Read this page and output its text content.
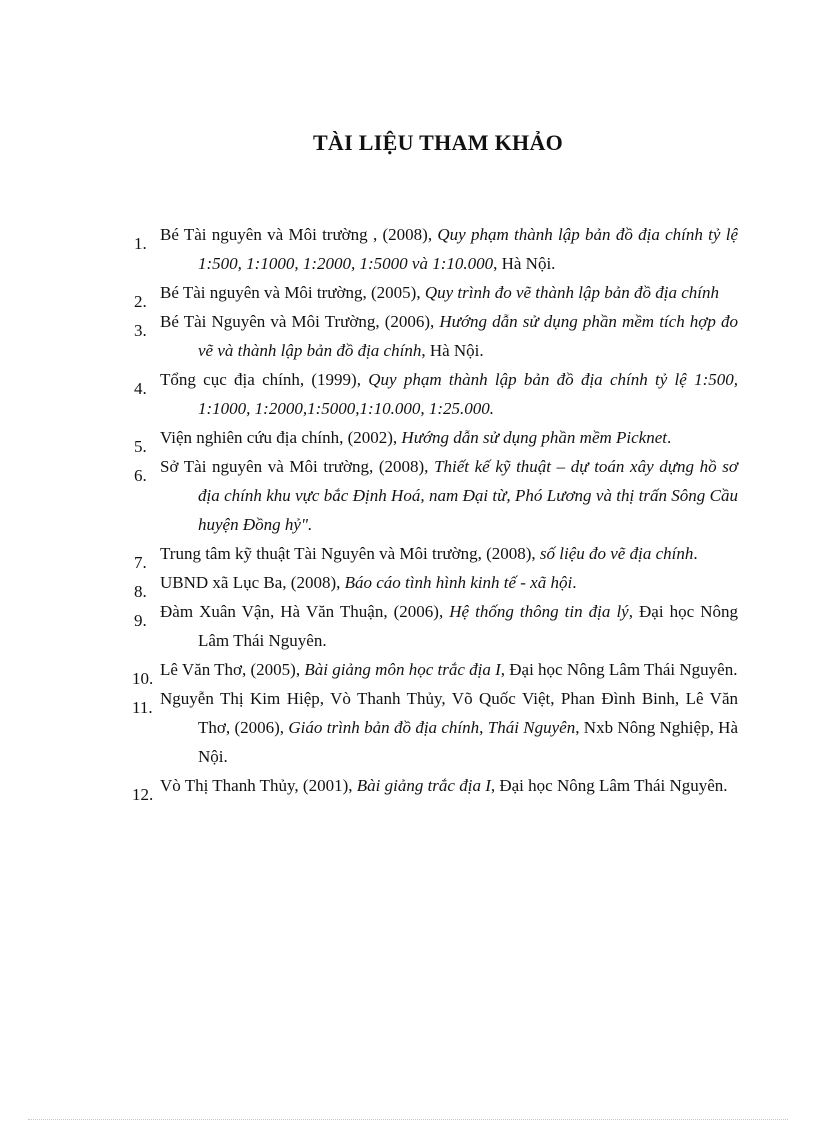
TÀI LIỆU THAM KHẢO
1. Bé Tài nguyên và Môi trường , (2008), Quy phạm thành lập bản đồ địa chính tỷ lệ 1:500, 1:1000, 1:2000, 1:5000 và 1:10.000, Hà Nội.
2. Bé Tài nguyên và Môi trường, (2005), Quy trình đo vẽ thành lập bản đồ địa chính
3. Bé Tài Nguyên và Môi Trường, (2006), Hướng dẫn sử dụng phần mềm tích hợp đo vẽ và thành lập bản đồ địa chính, Hà Nội.
4. Tổng cục địa chính, (1999), Quy phạm thành lập bản đồ địa chính tỷ lệ 1:500, 1:1000, 1:2000,1:5000,1:10.000, 1:25.000.
5. Viện nghiên cứu địa chính, (2002), Hướng dẫn sử dụng phần mềm Picknet.
6. Sở Tài nguyên và Môi trường, (2008), Thiết kế kỹ thuật – dự toán xây dựng hồ sơ địa chính khu vực bắc Định Hoá, nam Đại từ, Phó Lương và thị trấn Sông Cầu huyện Đồng hỷ".
7. Trung tâm kỹ thuật Tài Nguyên và Môi trường, (2008), số liệu đo vẽ địa chính.
8. UBND xã Lục Ba, (2008), Báo cáo tình hình kinh tế - xã hội.
9. Đàm Xuân Vận, Hà Văn Thuận, (2006), Hệ thống thông tin địa lý, Đại học Nông Lâm Thái Nguyên.
10. Lê Văn Thơ, (2005), Bài giảng môn học trắc địa I, Đại học Nông Lâm Thái Nguyên.
11. Nguyễn Thị Kim Hiệp, Vò Thanh Thủy, Võ Quốc Việt, Phan Đình Binh, Lê Văn Thơ, (2006), Giáo trình bản đồ địa chính, Thái Nguyên, Nxb Nông Nghiệp, Hà Nội.
12. Vò Thị Thanh Thủy, (2001), Bài giảng trắc địa I, Đại học Nông Lâm Thái Nguyên.
